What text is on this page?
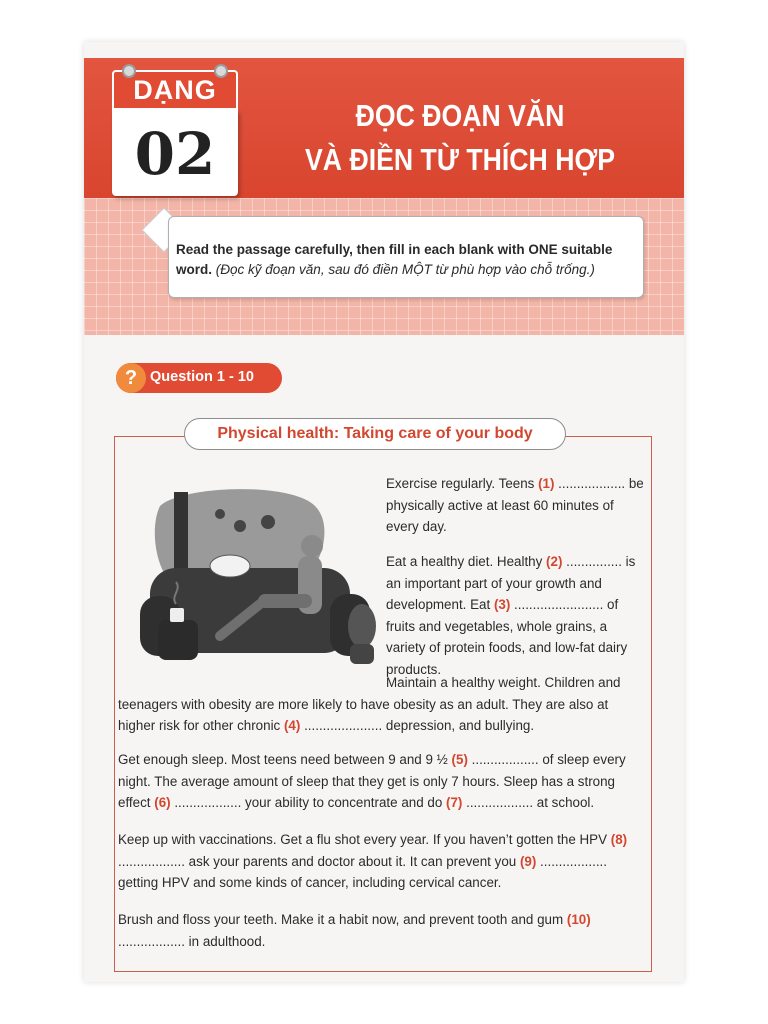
DẠNG
02
ĐỌC ĐOẠN VĂN
VÀ ĐIỀN TỪ THÍCH HỢP
Read the passage carefully, then fill in each blank with ONE suitable word. (Đọc kỹ đoạn văn, sau đó điền MỘT từ phù hợp vào chỗ trống.)
? Question 1 - 10
Physical health: Taking care of your body
Exercise regularly. Teens (1) .................. be physically active at least 60 minutes of every day.
Eat a healthy diet. Healthy (2) ............... is an important part of your growth and development. Eat (3) ........................ of fruits and vegetables, whole grains, a variety of protein foods, and low-fat dairy products.
Maintain a healthy weight. Children and teenagers with obesity are more likely to have obesity as an adult. They are also at higher risk for other chronic (4) ..................... depression, and bullying.
Get enough sleep. Most teens need between 9 and 9 ½ (5) .................. of sleep every night. The average amount of sleep that they get is only 7 hours. Sleep has a strong effect (6) .................. your ability to concentrate and do (7) .................. at school.
Keep up with vaccinations. Get a flu shot every year. If you haven’t gotten the HPV (8) .................. ask your parents and doctor about it. It can prevent you (9) .................. getting HPV and some kinds of cancer, including cervical cancer.
Brush and floss your teeth. Make it a habit now, and prevent tooth and gum (10) .................. in adulthood.
